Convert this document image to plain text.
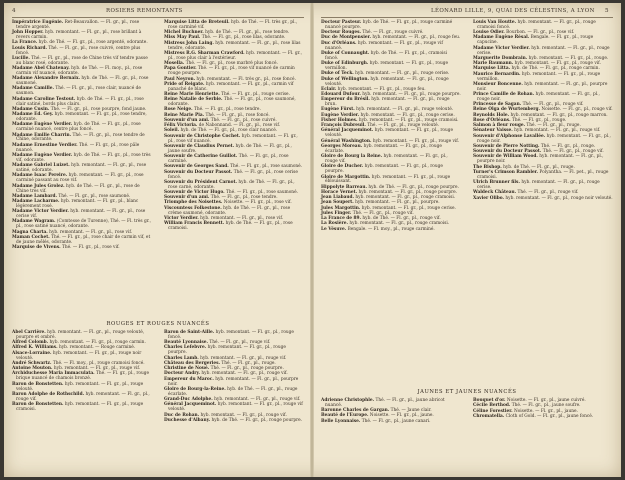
4	ROSIERS REMONTANTS
Impératrice Eugénie. Ret-Beauvallon. — Fl. gr., pl., rose tendre argenté.
John Hopper. hyb. remontant. — Fl. gr., pl., rose brillant à revers carmin.
La France. hyb. de Thé. — Fl. gr., pl., rose argenté, odorante.
Louis Richard. Thé. — Fl. gr., pl., rose cuivré, centre plus foncé.
Lucille. Thé. — Fl. gr., pl., rose de Chine très vif tendre passe au blanc rosé, odorante.
Madame Abel Chatenay. hyb. de Thé. — Fl. moy., pl., rose carmin vif nuancé, odorante.
Madame Alexandre Bernaix. hyb. de Thé. — Fl. gr., pl., rose saumoné.
Madame Camille. Thé. — Fl. gr., pl., rose clair, nuancé de saumon.
Madame Caroline Testout. hyb. de Thé. — Fl. gr., pl., rose clair satiné, bords plus clairs.
Madame Cusin. Thé. — Fl. gr., pl., rose pourpre, fond jaune.
Madame Ed. Gey. hyb. remontant. — Fl. gr., pl., rose tendre, odorante.
Madame Eugène Verdier. hyb. de Thé. — Fl. gr., pl., rose carminé nuancé, centre plus foncé.
Madame Emilie Charrin. Thé. — Fl. gr., pl., rose tendre de Chine, odorante.
Madame Ernestine Verdier. Thé. — Fl. gr., pl., rose pâle nuancé.
Madame Eugène Verdier. hyb. de Thé. — Fl. gr., pl., rose très vif, odorante.
Madame Gabriel Luizet. hyb. remontant. — Fl. gr., pl., rose satiné, odorante.
Madame Isaac Pereire. hyb. remontant. — Fl. gr., pl., rose carminé passant au rose vif.
Madame Jules Grolez. hyb. de Thé. — Fl. gr., pl., rose de Chine très vif.
Madame Lambard. Thé. — Fl. gr., pl., rose saumoné.
Madame Lacharme. hyb. remontant. — Fl. gr., pl., blanc légèrement rosé.
Madame Victor Verdier. hyb. remontant. — Fl. gr., pl., rose cerise vif.
Madame Wagram. (Comtesse de Turenne), Thé. — Fl. très gr., pl., rose satiné nuancé, odorante.
Magna Charta. hyb. remontant. — Fl. gr., pl., rose vif.
Maman Cochet. Thé. — Fl. gr., pl., rose chair de carmin vif, et de jaune mêlés, odorante.
Marquise de Vivens. Thé. — Fl. gr., pl., rose vif.
Marquise Litta de Breteuil. hyb. de Thé. — Fl. très gr., pl., rose carminé vif.
Michel Buchner. hyb. de Thé. — Fl. gr., pl., rose tendre.
Miss May Paul. Thé. — Fl. gr., pl., rose lilas, odorante.
Mistress John Laing. hyb. remontant. — Fl. gr., pl., rose lilas tendre, odorante.
Mistress R.G. Sharman Crawford. hyb. remontant. — Fl. gr., pl., rose plus clair à l'extérieur.
Mosella. Thé. — Fl. gr., pl., rose marbré plus foncé.
Papa Gontier. Thé. — Fl. gr., pl., rose vif nuancé de carmin rouge pourpre.
Paul Neyron. hyb. remontant. — Fl. très gr., pl., rose foncé.
Pride of Reigate. hyb. remontant. — Fl. gr., pl., carmin vif panaché de blanc.
Reine Marie Henriette. Thé. — Fl. gr., pl., rouge cerise.
Reine Natalie de Serbie. Thé. — Fl. gr., pl., rose saumoné, odorante.
Rose Neige. Thé. — Fl. gr., pl., rose tendre.
Reine Marie Pia. Thé. — Fl. gr., pl., rose foncé.
Souvenir d'un ami. Thé. — Fl. gr., pl., rose cuivré.
Félix Victoria. de Nabonnand. — Fl. gr., pl., rose vif.
Soleil. hyb. de Thé. — Fl. gr., pl., rose clair nuancé.
Souvenir de Christophe Cochet. hyb. remontant. — Fl. gr., pl., rose vif nuancé.
Souvenir de Claudius Pernet. hyb. de Thé. — Fl. gr., pl., jaune soufre.
Souvenir de Catherine Guillot. Thé. — Fl. gr., pl., rose carminé.
Souvenir de Georges Sand. Thé. — Fl. gr., pl., rose saumoné.
Souvenir du Docteur Passot. Thé. — Fl. gr., pl., rose cerise foncé.
Souvenir du Président Carnot. hyb. de Thé. — Fl. gr., pl., rose carné, odorante.
Souvenir de Victor Hugo. Thé. — Fl. gr., pl., rose saumoné.
Souvenir d'un ami. Thé. — Fl. gr., pl., rose tendre.
Triomphe des Noisettes. Noisette. — Fl. gr., pl., rose vif.
Viscountess Folkestone. hyb. de Thé. — Fl. gr., pl., rose crème saumoné, odorante.
Victor Verdier. hyb. remontant. — Fl. gr., pl., rose vif.
William Francis Bennett. hyb. de Thé. — Fl. gr., pl., rose cramoisi.
ROUGES ET ROUGES NUANCÉS
Abel Carrière. hyb. remontant. — Fl. gr., pl., rouge velouté, pourpre et ombré.
Alfred Colomb. hyb. remontant. — Fl. gr., pl., rouge carmin.
Alfred K. Williams. hyb. remontant. — Rouge carminé.
Alsace-Lorraine. hyb. remontant. — Fl. gr., pl., rouge noir velouté.
André Schwartz. Thé. — Fl. moy., pl., rouge cramoisi foncé.
Antoine Mouton. hyb. remontant. — Fl. gr., pl., rouge vif.
Archiduchesse Maria Immaculata. Thé. — Fl. gr., pl., rouge brique nuancé de chamois bronzé.
Baron de Bonstetten. hyb. remontant. — Fl. gr., pl., rouge velouté.
Baron Adolphe de Rothschild. hyb. remontant. — Fl. gr., pl., rouge vif.
Baron de Bonstetten. hyb. remontant. — Fl. gr., pl., rouge cramoisi.
Baron de Saint-Aille. hyb. remontant. — Fl. gr., pl., rouge foncé.
Beauté Lyonnaise. Thé. — Fl. gr., pl., rouge vif.
Charles Lefebvre. hyb. remontant. — Fl. gr., pl., rouge pourpre.
Charles Lamb. hyb. remontant. — Fl. gr., pl., rouge vif.
Château des Bergeries. Thé. — Fl. gr., pl., rouge.
Christine de Noué. Thé. — Fl. gr., pl., rouge pourpre.
Docteur Andry. hyb. remontant. — Fl. gr., pl., rouge vif.
Empereur du Maroc. hyb. remontant. — Fl. gr., pl., pourpre noir.
Gloire de Bourg-la-Reine. hyb. de Thé. — Fl. gr., pl., rouge écarlate.
Grand-Duc Adolphe. hyb. remontant. — Fl. gr., pl., rouge vif.
Général Jacqueminot. hyb. remontant. — Fl. gr., pl., rouge vif velouté.
Duc de Rohan. hyb. remontant. — Fl. gr., pl., rouge vif.
Duchesse d'Albany. hyb. de Thé. — Fl. gr., pl., rouge pourpre.
LÉONARD LILLE, 9, QUAI DES CÉLESTINS, A LYON 5
Docteur Pasteur. hyb. de Thé. — Fl. gr., pl., rouge carminé nuancé pourpre.
Docteur Rouges. Thé. — Fl. gr., rouge cuivré.
Duc de Montpensier. hyb. remontant. — Fl. gr., pl., rouge feu.
Duc d'Orléans. hyb. remontant. — Fl. gr., pl., rouge vif nuancé.
Duke of Connaught. hyb. de Thé. — Fl. gr., pl., cramoisi foncé.
Duke of Edinburgh. hyb. remontant. — Fl. gr., pl., rouge vermillon.
Duke of Teck. hyb. remontant. — Fl. gr., pl., rouge cerise.
Duke of Wellington. hyb. remontant. — Fl. gr., pl., rouge velouté.
Eclair. hyb. remontant. — Fl. gr., pl., rouge feu.
Edouard Dufour. hyb. remontant. — Fl. gr., pl., rouge pourpre.
Empereur du Brésil. hyb. remontant. — Fl. gr., pl., rouge brun.
Eugène Fürst. hyb. remontant. — Fl. gr., pl., rouge velouté.
Eugène Verdier. hyb. remontant. — Fl. gr., pl., rouge cerise.
Fisher Holmes. hyb. remontant. — Fl. gr., pl., rouge cramoisi.
François Dubreuil. Thé. — Fl. gr., pl., rouge velouté.
Général Jacqueminot. hyb. remontant. — Fl. gr., pl., rouge velouté.
Général Washington. hyb. remontant. — Fl. gr., pl., rouge vif.
Georges Moreau. hyb. remontant. — Fl. gr., pl., rouge écarlate.
Gloire de Bourg la Reine. hyb. remontant. — Fl. gr., pl., rouge vif.
Gloire de Ducher. hyb. remontant. — Fl. gr., pl., rouge pourpre.
Gloire de Margottin. hyb. remontant. — Fl. gr., pl., rouge éblouissant.
Hippolyte Barreau. hyb. de Thé. — Fl. gr., pl., rouge pourpre.
Horace Vernet. hyb. remontant. — Fl. gr., pl., rouge pourpre.
Jean Liabaud. hyb. remontant. — Fl. gr., pl., rouge cramoisi.
Jean Soupert. hyb. remontant. — Fl. gr., pl., pourpre.
Jules Margottin. hyb. remontant. — Fl. gr., pl., rouge cerise.
Jules Finger. Thé. — Fl. gr., pl., rouge vif.
La France de 89. hyb. de Thé. — Fl. gr., pl., rouge vif.
La Rosière. hyb. remontant. — Fl. gr., pl., rouge cramoisi.
Le Vésuve. Bengale. — Fl. moy., pl., rouge carminé.
Louis Van Houtte. hyb. remontant. — Fl. gr., pl., rouge cramoisi foncé.
Louise Odier. Bourbon. — Fl. gr., pl., rose vif.
Madame Eugène Résal. Bengale. — Fl. gr., pl., rouge capucine.
Madame Victor Verdier. hyb. remontant. — Fl. gr., pl., rouge cerise.
Marguerite Dombrain. hyb. remontant. — Fl. gr., pl., rouge.
Marie Baumann. hyb. remontant. — Fl. gr., pl., rouge vif.
Marquise Litta. hyb. de Thé. — Fl. gr., pl., rouge carmin.
Maurice Bernardin. hyb. remontant. — Fl. gr., pl., rouge vermillon.
Monsieur Boncenne. hyb. remontant. — Fl. gr., pl., pourpre noir.
Prince Camille de Rohan. hyb. remontant. — Fl. gr., pl., rouge noir.
Princesse de Sagan. Thé. — Fl. gr., pl., rouge vif.
Reine Olga de Wurtemberg. Noisette. — Fl. gr., pl., rouge vif.
Reynolds Hole. hyb. remontant. — Fl. gr., pl., rouge marron.
Rose d'Orléans. Thé. — Fl. gr., pl., rouge.
Salmon à fleur rouge. Thé. — Fl. gr., pl., rouge.
Sénateur Vaisse. hyb. remontant. — Fl. gr., pl., rouge vif.
Souvenir d'Alphonse Lavallée. hyb. remontant. — Fl. gr., pl., rouge noir.
Souvenir de Pierre Notting. Thé. — Fl. gr., pl., rouge.
Souvenir du Docteur Passot. Thé. — Fl. gr., pl., rouge vif.
Souvenir de William Wood. hyb. remontant. — Fl. gr., pl., pourpre noir.
The Bishop. hyb. de Thé. — Fl. gr., pl., rouge.
Turner's Crimson Rambler. Polyantha. — Fl. pet., pl., rouge cramoisi.
Ulrich Brunner fils. hyb. remontant. — Fl. gr., pl., rouge cerise.
Waldeck Château. Thé. — Fl. gr., pl., rouge vif.
Xavier Olibo. hyb. remontant. — Fl. gr., pl., rouge noir velouté.
JAUNES ET JAUNES NUANCÉS
Adrienne Christophle. Thé. — Fl. gr., pl., jaune abricot nuancé.
Baronne Charles de Gargan. Thé. — Jaune clair.
Beauté de l'Europe. Noisette. — Fl. gr., pl., jaune.
Belle Lyonnaise. Thé. — Fl. gr., pl., jaune canari.
Bouquet d'or. Noisette. — Fl. gr., pl., jaune cuivré.
Cécile Berthod. Thé. — Fl. gr., pl., jaune soufre.
Céline Forestier. Noisette. — Fl. gr., pl., jaune.
Chromatella. Cloth of Gold. — Fl. gr., pl., jaune foncé.
